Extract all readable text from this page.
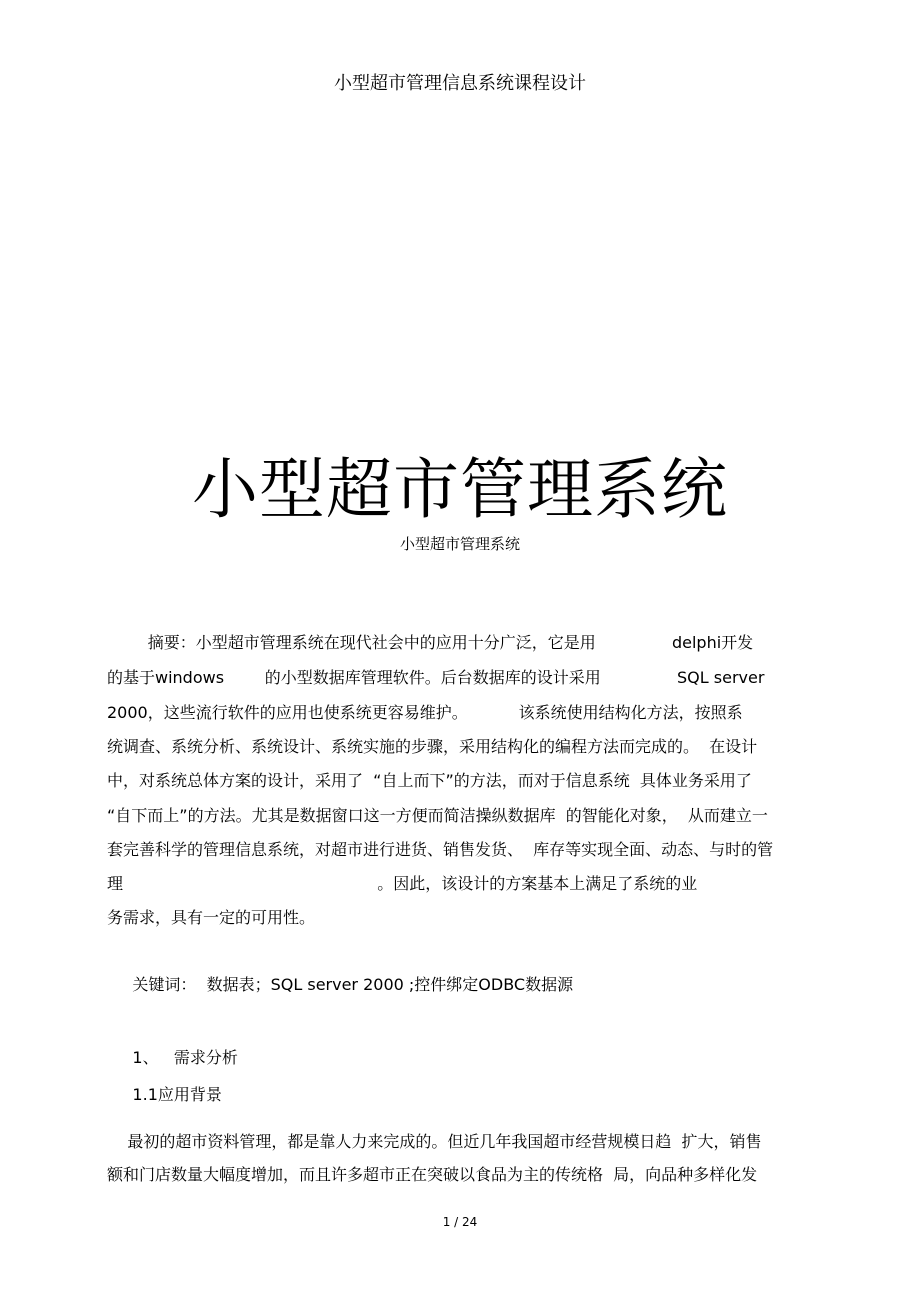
小型超市管理信息系统课程设计
小型超市管理系统
小型超市管理系统
摘要：小型超市管理系统在现代社会中的应用十分广泛，它是用               delphi开发
的基于windows        的小型数据库管理软件。后台数据库的设计采用               SQL server
2000，这些流行软件的应用也使系统更容易维护。          该系统使用结构化方法，按照系
统调查、系统分析、系统设计、系统实施的步骤，采用结构化的编程方法而完成的。  在设计
中，对系统总体方案的设计，采用了  “自上而下”的方法，而对于信息系统  具体业务采用了
“自下而上”的方法。尤其是数据窗口这一方便而简洁操纵数据库  的智能化对象，  从而建立一
套完善科学的管理信息系统，对超市进行进货、销售发货、  库存等实现全面、动态、与时的管
理                                                  。因此，该设计的方案基本上满足了系统的业
务需求，具有一定的可用性。
关键词：  数据表；SQL server 2000 ;控件绑定ODBC数据源
1、   需求分析
1.1应用背景
最初的超市资料管理，都是靠人力来完成的。但近几年我国超市经营规模日趋  扩大，销售
额和门店数量大幅度增加，而且许多超市正在突破以食品为主的传统格  局，向品种多样化发
1 / 24
